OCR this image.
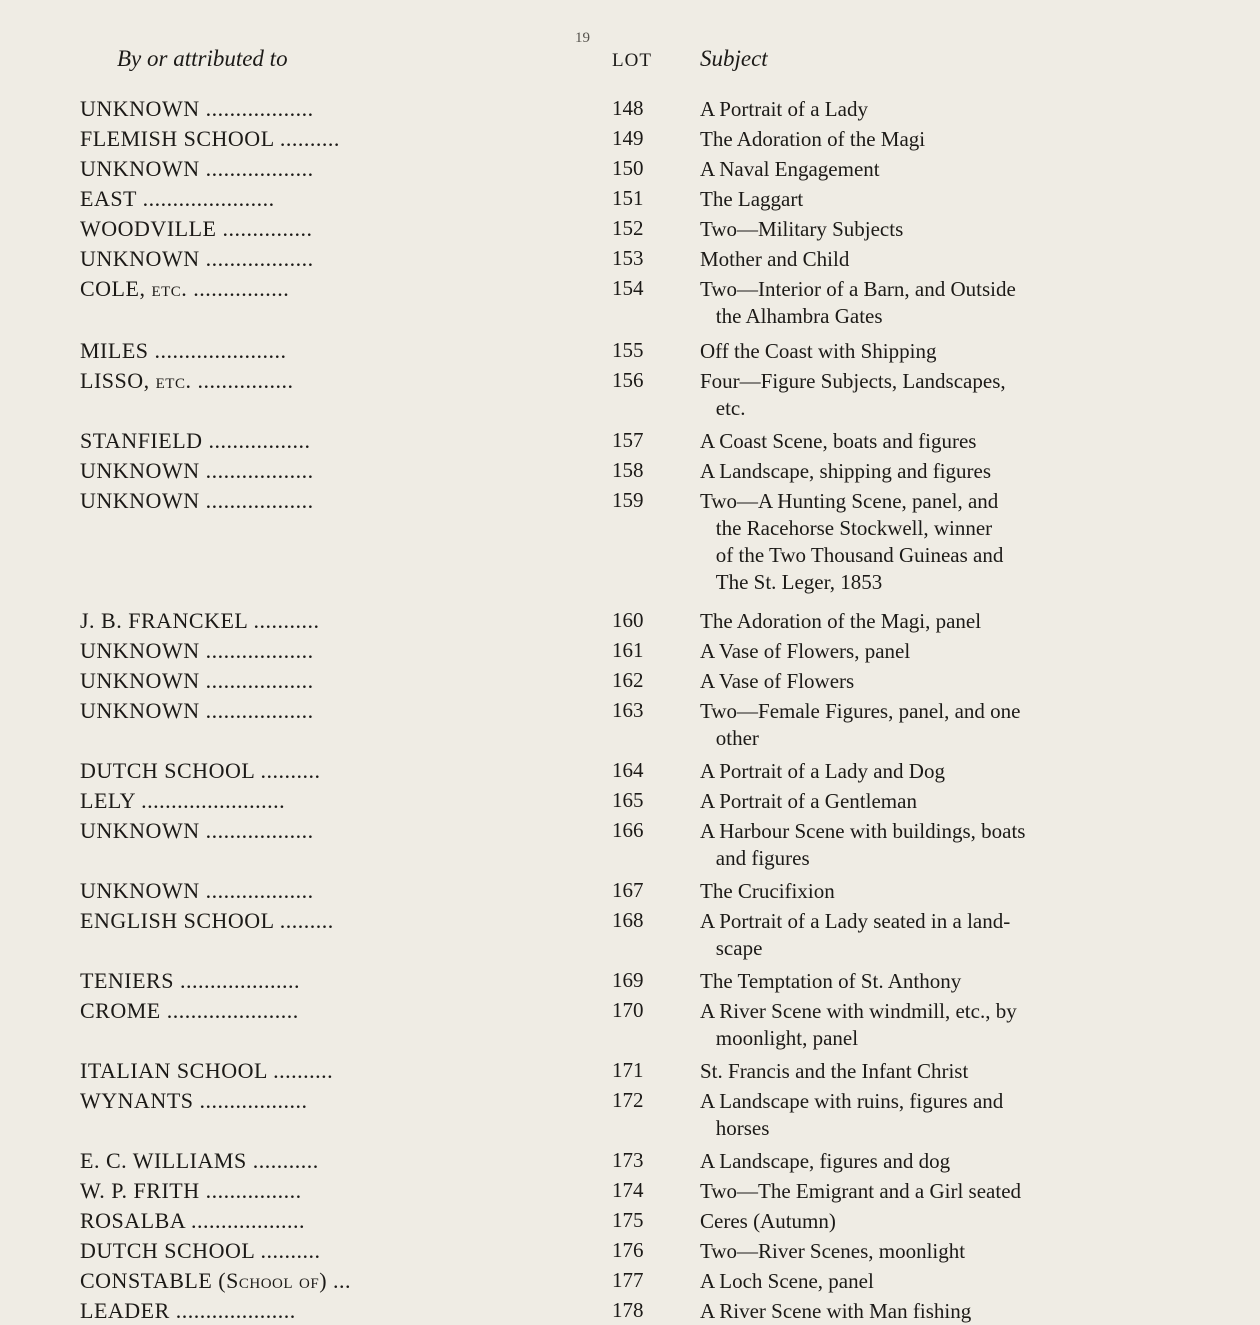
19
By or attributed to	LOT	Subject
UNKNOWN ..................	148	A Portrait of a Lady
FLEMISH SCHOOL ..........	149	The Adoration of the Magi
UNKNOWN ..................	150	A Naval Engagement
EAST ......................	151	The Laggart
WOODVILLE ...............	152	Two—Military Subjects
UNKNOWN ..................	153	Mother and Child
COLE, etc. ................	154	Two—Interior of a Barn, and Outside
the Alhambra Gates
MILES ......................	155	Off the Coast with Shipping
LISSO, etc. ................	156	Four—Figure Subjects, Landscapes,
etc.
STANFIELD .................	157	A Coast Scene, boats and figures
UNKNOWN ..................	158	A Landscape, shipping and figures
UNKNOWN ..................	159	Two—A Hunting Scene, panel, and
the Racehorse Stockwell, winner
of the Two Thousand Guineas and
The St. Leger, 1853
J. B. FRANCKEL ...........	160	The Adoration of the Magi, panel
UNKNOWN ..................	161	A Vase of Flowers, panel
UNKNOWN ..................	162	A Vase of Flowers
UNKNOWN ..................	163	Two—Female Figures, panel, and one
other
DUTCH SCHOOL ..........	164	A Portrait of a Lady and Dog
LELY ........................	165	A Portrait of a Gentleman
UNKNOWN ..................	166	A Harbour Scene with buildings, boats
and figures
UNKNOWN ..................	167	The Crucifixion
ENGLISH SCHOOL .........	168	A Portrait of a Lady seated in a land-
scape
TENIERS ....................	169	The Temptation of St. Anthony
CROME ......................	170	A River Scene with windmill, etc., by
moonlight, panel
ITALIAN SCHOOL ..........	171	St. Francis and the Infant Christ
WYNANTS ..................	172	A Landscape with ruins, figures and
horses
E. C. WILLIAMS ...........	173	A Landscape, figures and dog
W. P. FRITH ................	174	Two—The Emigrant and a Girl seated
ROSALBA ...................	175	Ceres (Autumn)
DUTCH SCHOOL ..........	176	Two—River Scenes, moonlight
CONSTABLE (School of) ...	177	A Loch Scene, panel
LEADER ....................	178	A River Scene with Man fishing
